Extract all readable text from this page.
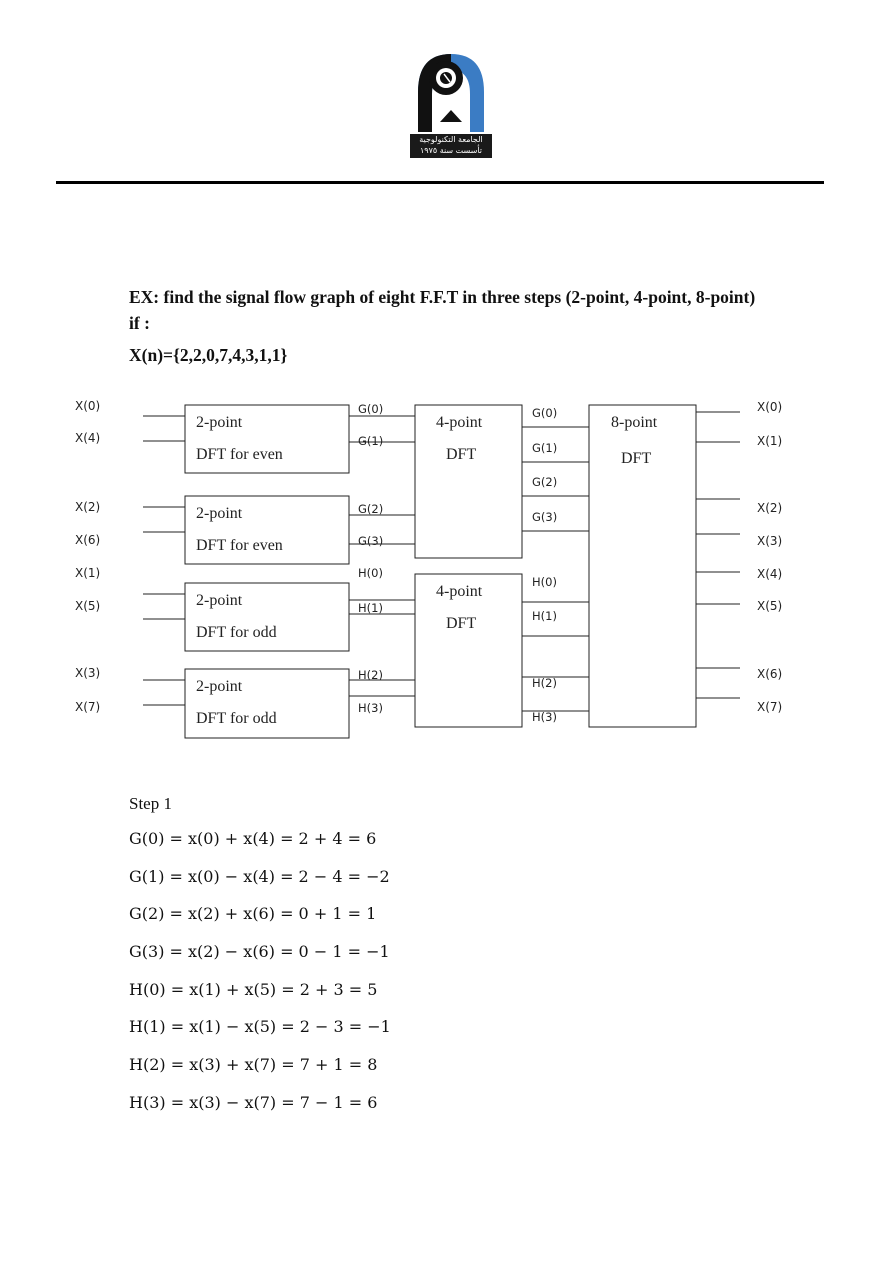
الجامعة التكنولوجية
تأسست سنة ١٩٧٥
EX: find the signal flow graph of eight F.F.T in three steps (2-point, 4-point, 8-point) if :
X(n)={2,2,0,7,4,3,1,1}
X(0)
X(4)
X(2)
X(6)
X(1)
X(5)
X(3)
X(7)
2-point
DFT for even
2-point
DFT for even
2-point
DFT for odd
2-point
DFT for odd
G(0)
G(1)
G(2)
G(3)
H(0)
H(1)
H(2)
H(3)
4-point
DFT
4-point
DFT
G(0)
G(1)
G(2)
G(3)
H(0)
H(1)
H(2)
H(3)
8-point
DFT
X(0)
X(1)
X(2)
X(3)
X(4)
X(5)
X(6)
X(7)
Step 1
G(0) = x(0) + x(4) = 2 + 4 = 6
G(1) = x(0) − x(4) = 2 − 4 = −2
G(2) = x(2) + x(6) = 0 + 1 = 1
G(3) = x(2) − x(6) = 0 − 1 = −1
H(0) = x(1) + x(5) = 2 + 3 = 5
H(1) = x(1) − x(5) = 2 − 3 = −1
H(2) = x(3) + x(7) = 7 + 1 = 8
H(3) = x(3) − x(7) = 7 − 1 = 6
